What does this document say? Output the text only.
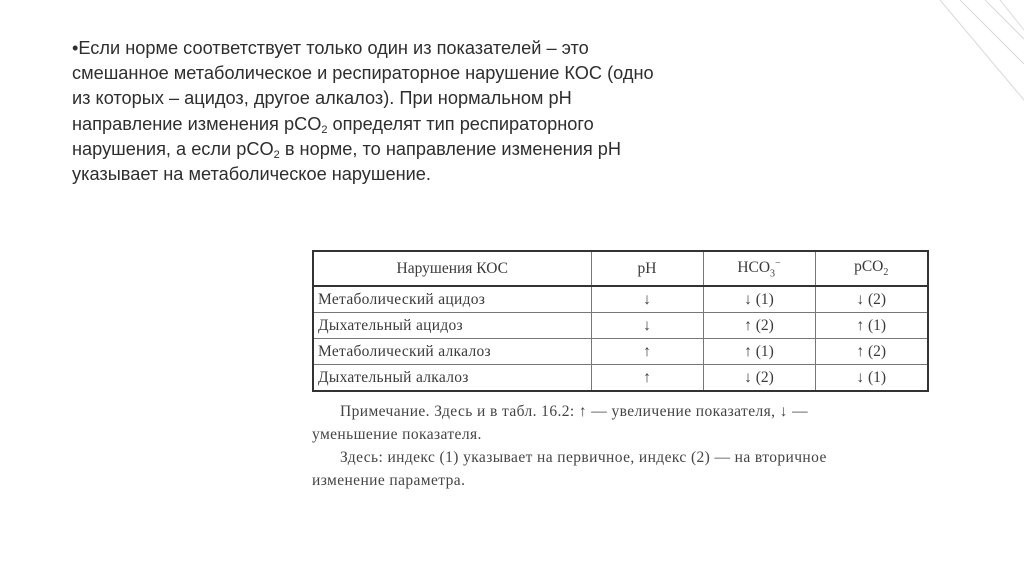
•Если норме соответствует только один из показателей – это
смешанное метаболическое и респираторное нарушение КОС (одно
из которых – ацидоз, другое алкалоз). При нормальном pH
направление изменения pCO$_2$ определят тип респираторного
нарушения, а если pCO$_2$ в норме, то направление изменения pH
указывает на метаболическое нарушение.
Нарушения КОС	pH	$HCO_3^-$	pCO$_2$
Метаболический ацидоз	↓	↓ (1)	↓ (2)
Дыхательный ацидоз	↓	↑ (2)	↑ (1)
Метаболический алкалоз	↑	↑ (1)	↑ (2)
Дыхательный алкалоз	↑	↓ (2)	↓ (1)

Примечание. Здесь и в табл. 16.2: ↑ — увеличение показателя, ↓ —
уменьшение показателя.
Здесь: индекс (1) указывает на первичное, индекс (2) — на вторичное
изменение параметра.
